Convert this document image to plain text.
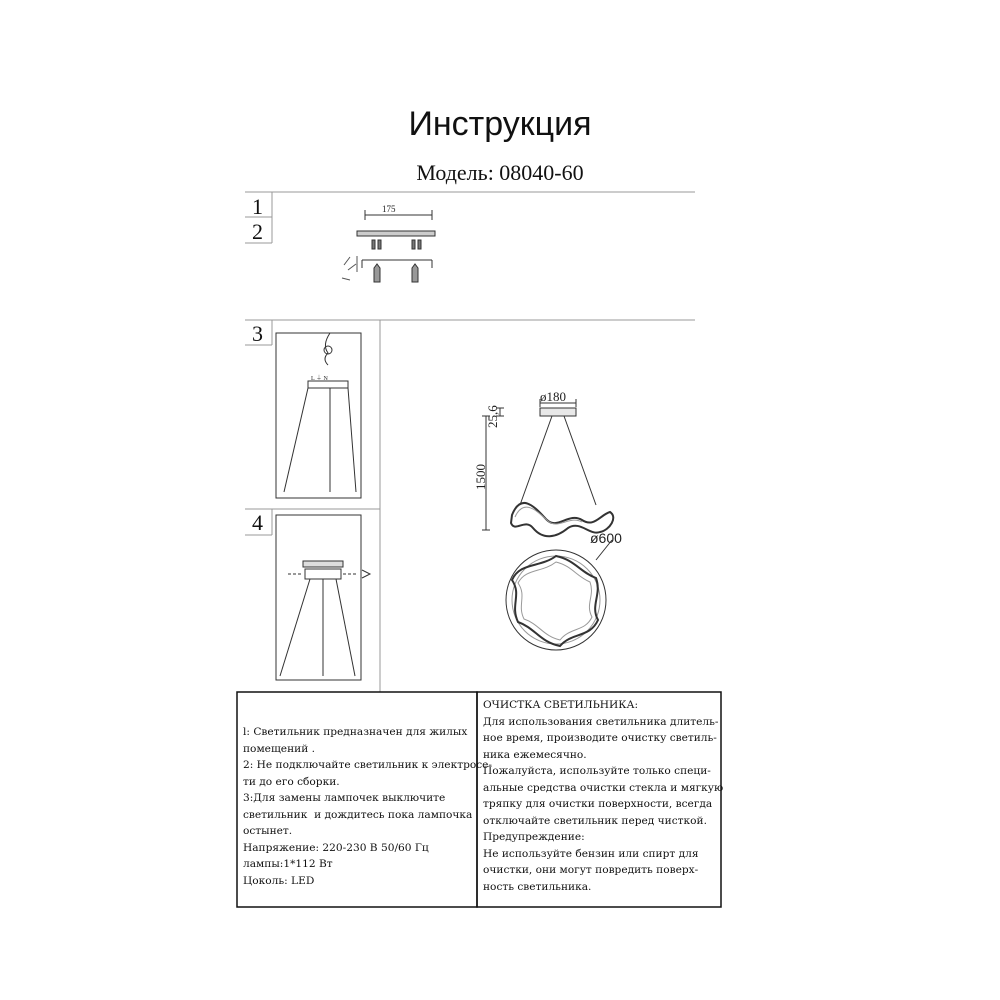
Инструкция
Модель: 08040-60
1
2
3
4
175
ø180
25,6
1500
ø600
L ⏚ N
l: Светильник предназначен для жилых
помещений .
2: Не подключайте светильник к электросе-
ти до его сборки.
3:Для замены лампочек выключите
светильник  и дождитесь пока лампочка
остынет.
Напряжение: 220-230 В 50/60 Гц
лампы:1*112 Вт
Цоколь: LED
ОЧИСТКА СВЕТИЛЬНИКА:
Для использования светильника длитель-
ное время, производите очистку светиль-
ника ежемесячно.
Пожалуйста, используйте только специ-
альные средства очистки стекла и мягкую
тряпку для очистки поверхности, всегда
отключайте светильник перед чисткой.
Предупреждение:
Не используйте бензин или спирт для
очистки, они могут повредить поверх-
ность светильника.
